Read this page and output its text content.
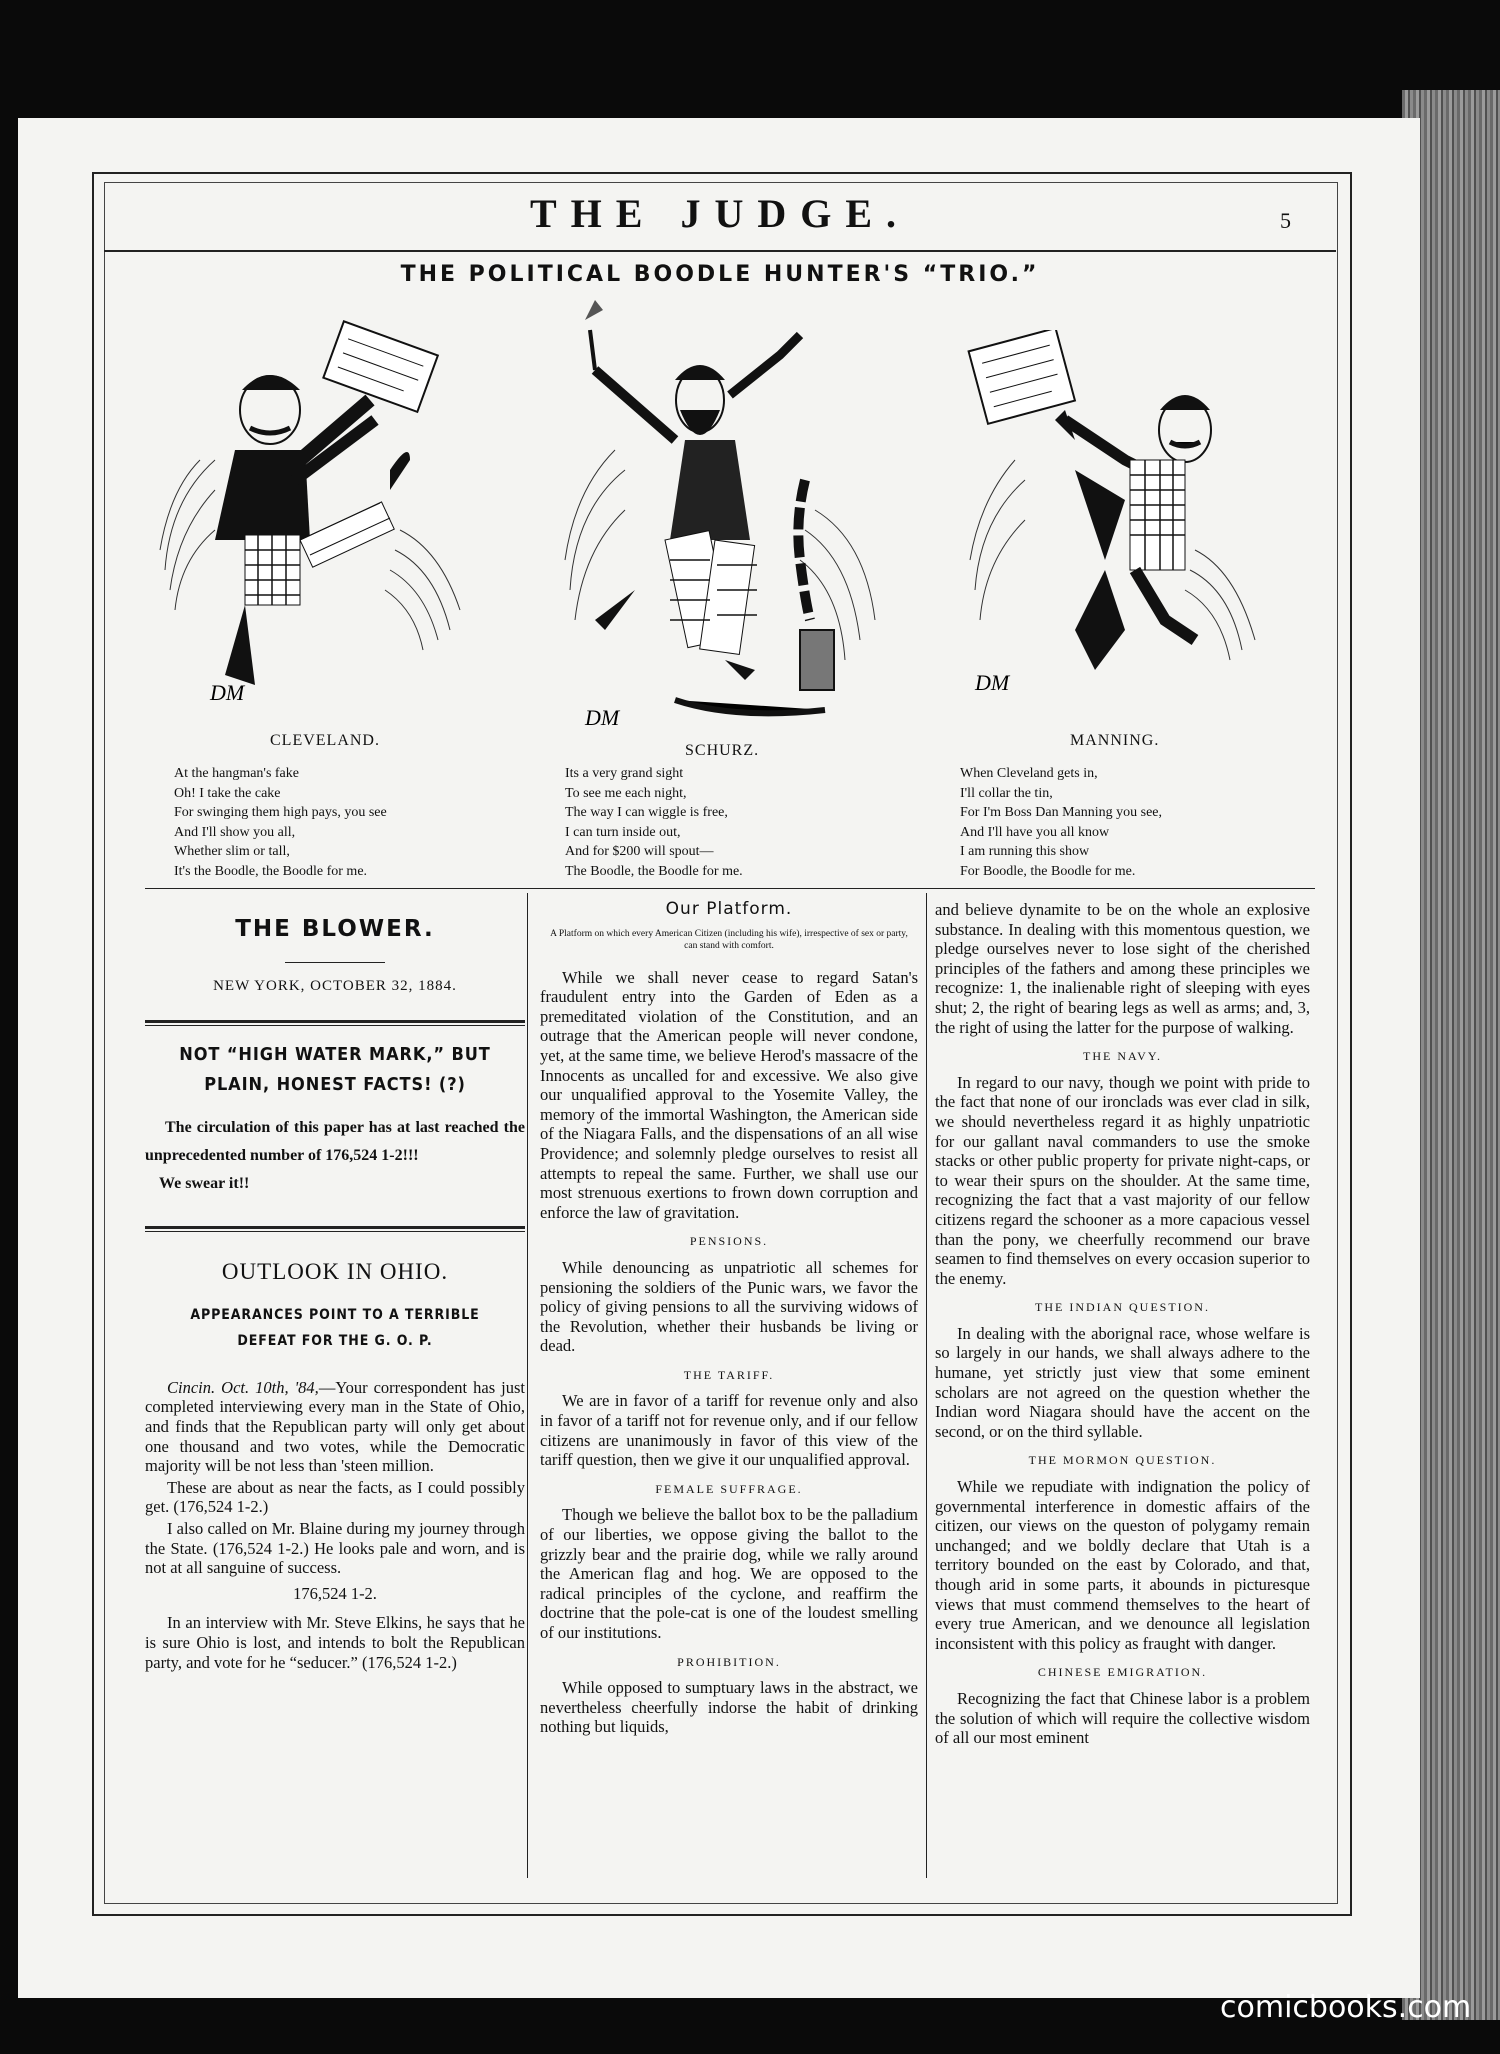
THE JUDGE.	5
THE POLITICAL BOODLE HUNTER'S “TRIO.”
DM
DM
DM
CLEVELAND.
SCHURZ.
MANNING.
At the hangman's fake
Oh! I take the cake
For swinging them high pays, you see
And I'll show you all,
Whether slim or tall,
It's the Boodle, the Boodle for me.
Its a very grand sight
To see me each night,
The way I can wiggle is free,
I can turn inside out,
And for $200 will spout—
The Boodle, the Boodle for me.
When Cleveland gets in,
I'll collar the tin,
For I'm Boss Dan Manning you see,
And I'll have you all know
I am running this show
For Boodle, the Boodle for me.
THE BLOWER.
NEW YORK, OCTOBER 32, 1884.
NOT “HIGH WATER MARK,” BUT PLAIN, HONEST FACTS! (?)
The circulation of this paper has at last reached the unprecedented number of 176,524 1-2!!!
We swear it!!
OUTLOOK IN OHIO.
APPEARANCES POINT TO A TERRIBLE DEFEAT FOR THE G. O. P.

Cincin. Oct. 10th, '84,—Your correspondent has just completed interviewing every man in the State of Ohio, and finds that the Republican party will only get about one thousand and two votes, while the Democratic majority will be not less than 'steen million.

These are about as near the facts, as I could possibly get. (176,524 1-2.)

I also called on Mr. Blaine during my journey through the State. (176,524 1-2.) He looks pale and worn, and is not at all sanguine of success.

176,524 1-2.

In an interview with Mr. Steve Elkins, he says that he is sure Ohio is lost, and intends to bolt the Republican party, and vote for he “seducer.” (176,524 1-2.)

Our Platform.
A Platform on which every American Citizen (including his wife), irrespective of sex or party, can stand with comfort.

While we shall never cease to regard Satan's fraudulent entry into the Garden of Eden as a premeditated violation of the Constitution, and an outrage that the American people will never condone, yet, at the same time, we believe Herod's massacre of the Innocents as uncalled for and excessive. We also give our unqualified approval to the Yosemite Valley, the memory of the immortal Washington, the American side of the Niagara Falls, and the dispensations of an all wise Providence; and solemnly pledge ourselves to resist all attempts to repeal the same. Further, we shall use our most strenuous exertions to frown down corruption and enforce the law of gravitation.

PENSIONS.

While denouncing as unpatriotic all schemes for pensioning the soldiers of the Punic wars, we favor the policy of giving pensions to all the surviving widows of the Revolution, whether their husbands be living or dead.

THE TARIFF.

We are in favor of a tariff for revenue only and also in favor of a tariff not for revenue only, and if our fellow citizens are unanimously in favor of this view of the tariff question, then we give it our unqualified approval.

FEMALE SUFFRAGE.

Though we believe the ballot box to be the palladium of our liberties, we oppose giving the ballot to the grizzly bear and the prairie dog, while we rally around the American flag and hog. We are opposed to the radical principles of the cyclone, and reaffirm the doctrine that the pole-cat is one of the loudest smelling of our institutions.

PROHIBITION.

While opposed to sumptuary laws in the abstract, we nevertheless cheerfully indorse the habit of drinking nothing but liquids,

and believe dynamite to be on the whole an explosive substance. In dealing with this momentous question, we pledge ourselves never to lose sight of the cherished principles of the fathers and among these principles we recognize: 1, the inalienable right of sleeping with eyes shut; 2, the right of bearing legs as well as arms; and, 3, the right of using the latter for the purpose of walking.

THE NAVY.

In regard to our navy, though we point with pride to the fact that none of our ironclads was ever clad in silk, we should nevertheless regard it as highly unpatriotic for our gallant naval commanders to use the smoke stacks or other public property for private night-caps, or to wear their spurs on the shoulder. At the same time, recognizing the fact that a vast majority of our fellow citizens regard the schooner as a more capacious vessel than the pony, we cheerfully recommend our brave seamen to find themselves on every occasion superior to the enemy.

THE INDIAN QUESTION.

In dealing with the aborignal race, whose welfare is so largely in our hands, we shall always adhere to the humane, yet strictly just view that some eminent scholars are not agreed on the question whether the Indian word Niagara should have the accent on the second, or on the third syllable.

THE MORMON QUESTION.

While we repudiate with indignation the policy of governmental interference in domestic affairs of the citizen, our views on the queston of polygamy remain unchanged; and we boldly declare that Utah is a territory bounded on the east by Colorado, and that, though arid in some parts, it abounds in picturesque views that must commend themselves to the heart of every true American, and we denounce all legislation inconsistent with this policy as fraught with danger.

CHINESE EMIGRATION.

Recognizing the fact that Chinese labor is a problem the solution of which will require the collective wisdom of all our most eminent

comicbooks.com
